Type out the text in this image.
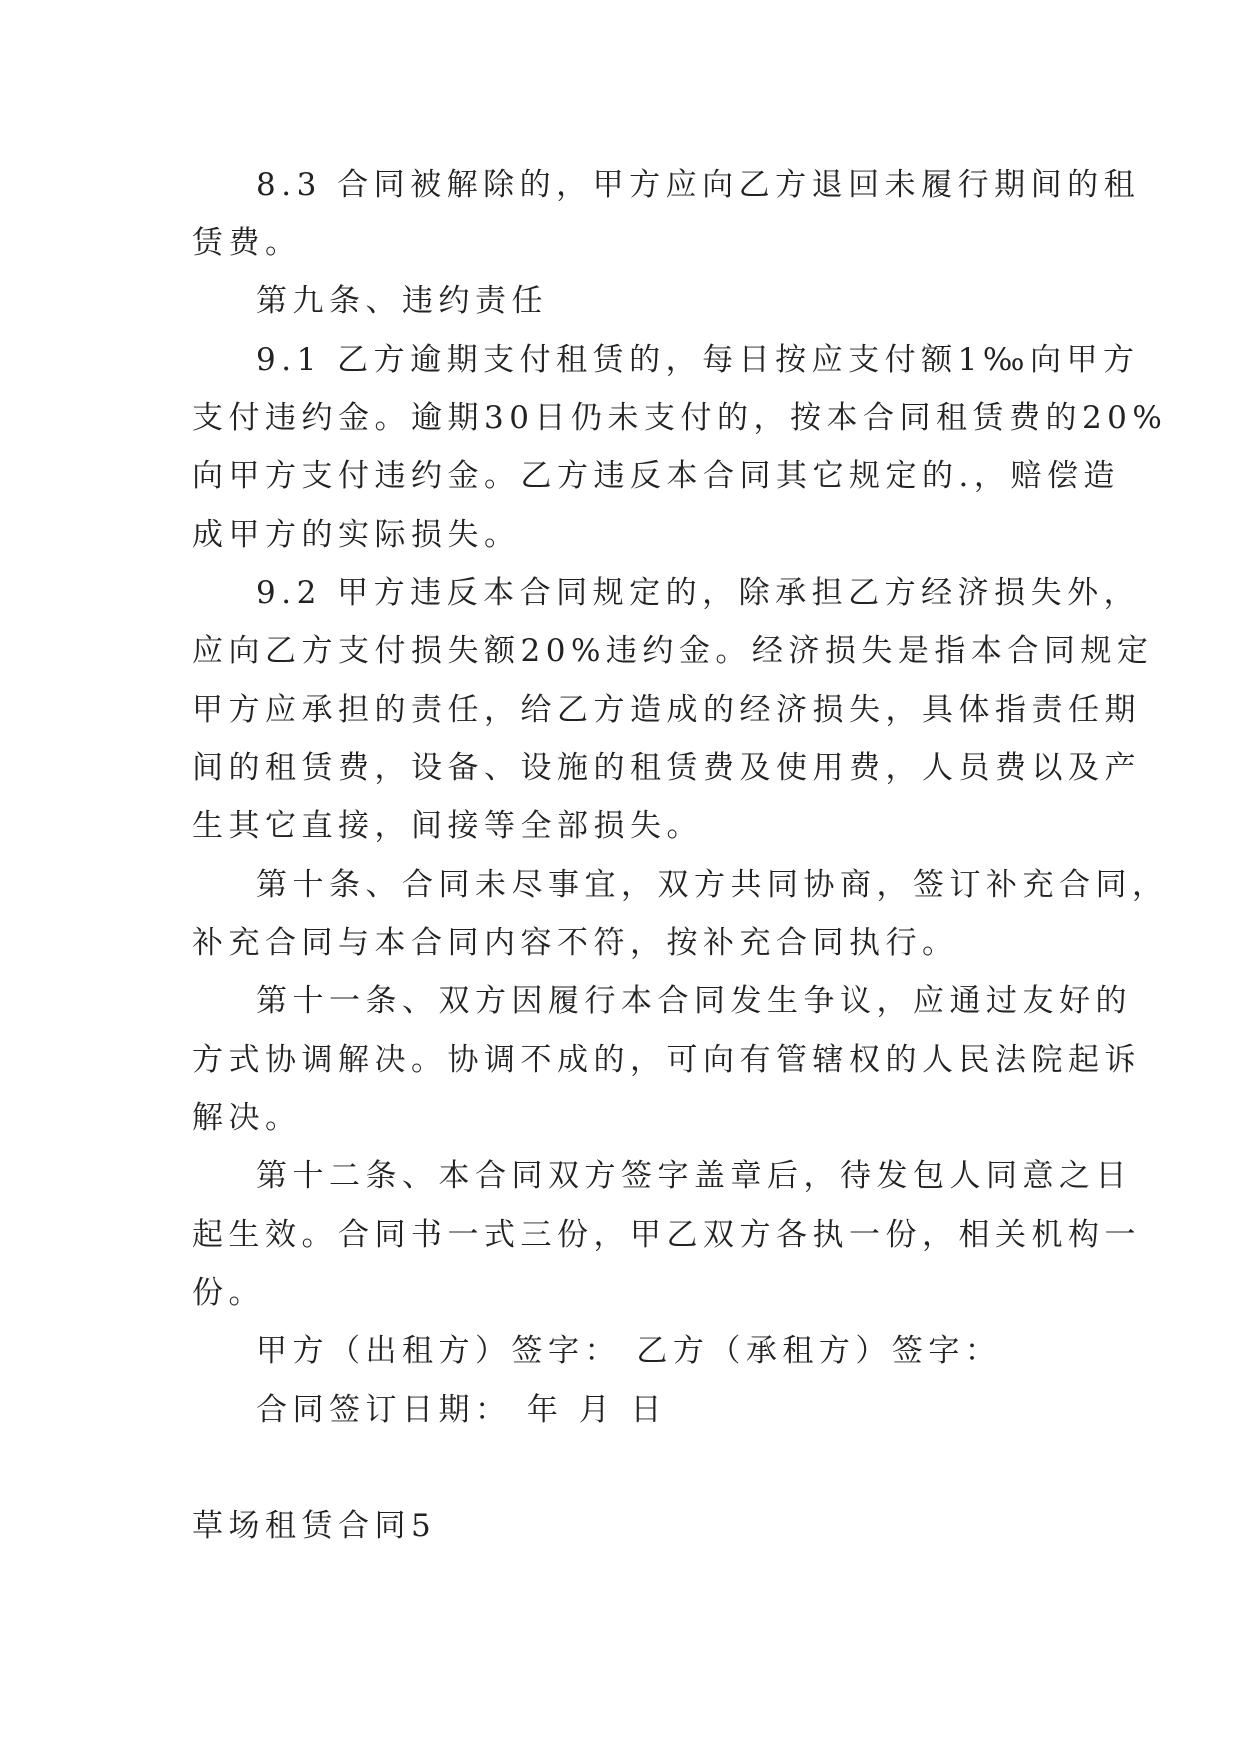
8.3 合同被解除的，甲方应向乙方退回未履行期间的租
赁费。
第九条、违约责任
9.1 乙方逾期支付租赁的，每日按应支付额1‰向甲方
支付违约金。逾期30日仍未支付的，按本合同租赁费的20%
向甲方支付违约金。乙方违反本合同其它规定的.，赔偿造
成甲方的实际损失。
9.2 甲方违反本合同规定的，除承担乙方经济损失外，
应向乙方支付损失额20%违约金。经济损失是指本合同规定
甲方应承担的责任，给乙方造成的经济损失，具体指责任期
间的租赁费，设备、设施的租赁费及使用费，人员费以及产
生其它直接，间接等全部损失。
第十条、合同未尽事宜，双方共同协商，签订补充合同，
补充合同与本合同内容不符，按补充合同执行。
第十一条、双方因履行本合同发生争议，应通过友好的
方式协调解决。协调不成的，可向有管辖权的人民法院起诉
解决。
第十二条、本合同双方签字盖章后，待发包人同意之日
起生效。合同书一式三份，甲乙双方各执一份，相关机构一
份。
甲方（出租方）签字： 乙方（承租方）签字：
合同签订日期： 年 月 日
草场租赁合同5
